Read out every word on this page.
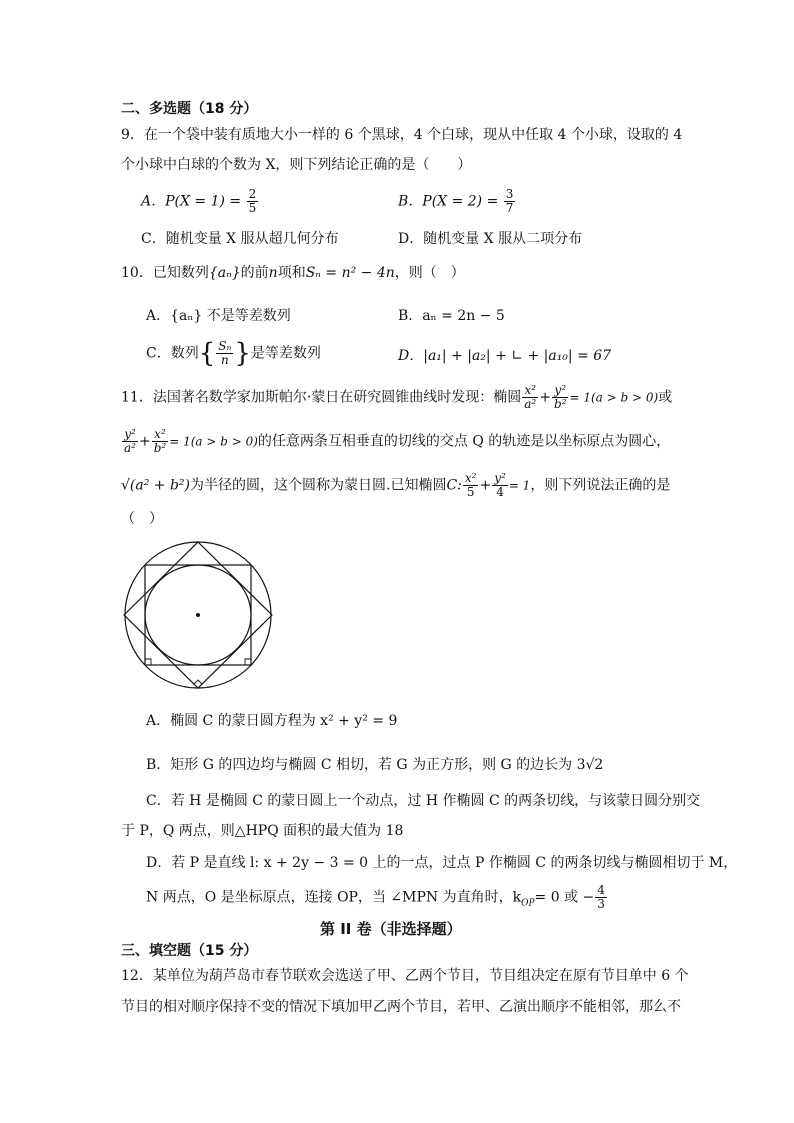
二、多选题（18 分）
9．在一个袋中装有质地大小一样的 6 个黑球，4 个白球，现从中任取 4 个小球，设取的 4
个小球中白球的个数为 X，则下列结论正确的是（　　）
A．$P(X = 1) = \frac{2}{5}$	B．$P(X = 2) = \frac{3}{7}$
C．随机变量 X 服从超几何分布	D．随机变量 X 服从二项分布
10．已知数列{aₙ}的前n项和Sₙ = n² − 4n，则（　）
A．{aₙ} 不是等差数列	B．aₙ = 2n − 5
C．数列{ $\frac{\text{Sₙ}}{n}$ }是等差数列	D．|a₁| + |a₂| + ∟ + |a₁₀| = 67
11．法国著名数学家加斯帕尔·蒙日在研究圆锥曲线时发现：椭圆 $\frac{\text{x²}}{\text{a²}} + \frac{\text{y²}}{\text{b²}} = 1(a > b > 0)$或
$\frac{\text{y²}}{\text{a²}} + \frac{\text{x²}}{\text{b²}} = 1(a > b > 0)$的任意两条互相垂直的切线的交点 Q 的轨迹是以坐标原点为圆心，
√(a² + b²)为半径的圆，这个圆称为蒙日圆.已知椭圆C: $\frac{\text{x²}}{5} + \frac{\text{y²}}{4} = 1$，则下列说法正确的是
（　）
A．椭圆 C 的蒙日圆方程为 x² + y² = 9
B．矩形 G 的四边均与椭圆 C 相切，若 G 为正方形，则 G 的边长为 3√2
C．若 H 是椭圆 C 的蒙日圆上一个动点，过 H 作椭圆 C 的两条切线，与该蒙日圆分别交
于 P，Q 两点，则△HPQ 面积的最大值为 18
D．若 P 是直线 l: x + 2y − 3 = 0 上的一点，过点 P 作椭圆 C 的两条切线与椭圆相切于 M，
N 两点，O 是坐标原点，连接 OP，当 ∠MPN 为直角时，$k_{OP}= 0$ 或 − $\frac{4}{3}$
第 II 卷（非选择题）
三、填空题（15 分）
12．某单位为葫芦岛市春节联欢会选送了甲、乙两个节目，节目组决定在原有节目单中 6 个
节目的相对顺序保持不变的情况下填加甲乙两个节目，若甲、乙演出顺序不能相邻，那么不
